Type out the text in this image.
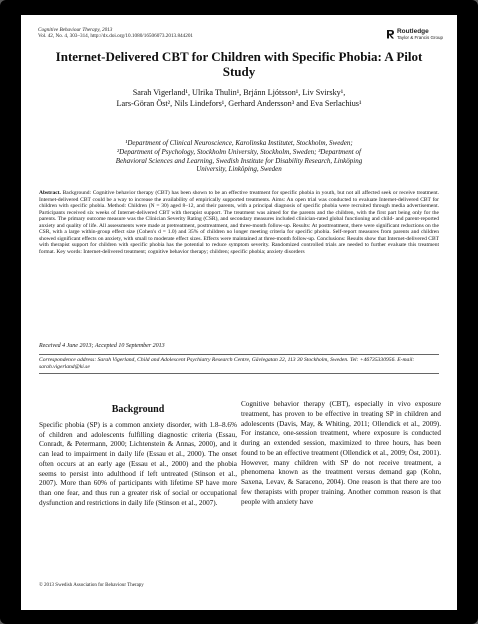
Cognitive Behaviour Therapy, 2013
Vol. 42, No. 4, 303–314, http://dx.doi.org/10.1080/16506073.2013.844201
Routledge
Taylor & Francis Group
Internet-Delivered CBT for Children with Specific Phobia: A Pilot Study
Sarah Vigerland¹, Ulrika Thulin¹, Brjánn Ljótsson¹, Liv Svirsky¹,
Lars-Göran Öst², Nils Lindefors¹, Gerhard Andersson³ and Eva Serlachius¹
¹Department of Clinical Neuroscience, Karolinska Institutet, Stockholm, Sweden;
²Department of Psychology, Stockholm University, Stockholm, Sweden; ³Department of
Behavioral Sciences and Learning, Swedish Institute for Disability Research, Linköping
University, Linköping, Sweden
Abstract. Background: Cognitive behavior therapy (CBT) has been shown to be an effective treatment for specific phobia in youth, but not all affected seek or receive treatment. Internet-delivered CBT could be a way to increase the availability of empirically supported treatments. Aims: An open trial was conducted to evaluate Internet-delivered CBT for children with specific phobia. Method: Children (N = 30) aged 8–12, and their parents, with a principal diagnosis of specific phobia were recruited through media advertisement. Participants received six weeks of Internet-delivered CBT with therapist support. The treatment was aimed for the parents and the children, with the first part being only for the parents. The primary outcome measure was the Clinician Severity Rating (CSR), and secondary measures included clinician-rated global functioning and child- and parent-reported anxiety and quality of life. All assessments were made at pretreatment, posttreatment, and three-month follow-up. Results: At posttreatment, there were significant reductions on the CSR, with a large within-group effect size (Cohen's d = 1.0) and 35% of children no longer meeting criteria for specific phobia. Self-report measures from parents and children showed significant effects on anxiety, with small to moderate effect sizes. Effects were maintained at three-month follow-up. Conclusions: Results show that Internet-delivered CBT with therapist support for children with specific phobia has the potential to reduce symptom severity. Randomized controlled trials are needed to further evaluate this treatment format. Key words: Internet-delivered treatment; cognitive behavior therapy; children; specific phobia; anxiety disorders
Received 4 June 2013; Accepted 10 September 2013
Correspondence address: Sarah Vigerland, Child and Adolescent Psychiatry Research Centre, Gävlegatan 22, 113 30 Stockholm, Sweden. Tel: +46735330956. E-mail: sarah.vigerland@ki.se
Background
Specific phobia (SP) is a common anxiety disorder, with 1.8–8.6% of children and adolescents fulfilling diagnostic criteria (Essau, Conradt, & Petermann, 2000; Lichtenstein & Annas, 2000), and it can lead to impairment in daily life (Essau et al., 2000). The onset often occurs at an early age (Essau et al., 2000) and the phobia seems to persist into adulthood if left untreated (Stinson et al., 2007). More than 60% of participants with lifetime SP have more than one fear, and thus run a greater risk of social or occupational dysfunction and restrictions in daily life (Stinson et al., 2007).
Cognitive behavior therapy (CBT), especially in vivo exposure treatment, has proven to be effective in treating SP in children and adolescents (Davis, May, & Whiting, 2011; Ollendick et al., 2009). For instance, one-session treatment, where exposure is conducted during an extended session, maximized to three hours, has been found to be an effective treatment (Ollendick et al., 2009; Öst, 2001). However, many children with SP do not receive treatment, a phenomena known as the treatment versus demand gap (Kohn, Saxena, Levav, & Saraceno, 2004). One reason is that there are too few therapists with proper training. Another common reason is that people with anxiety have
© 2013 Swedish Association for Behaviour Therapy
